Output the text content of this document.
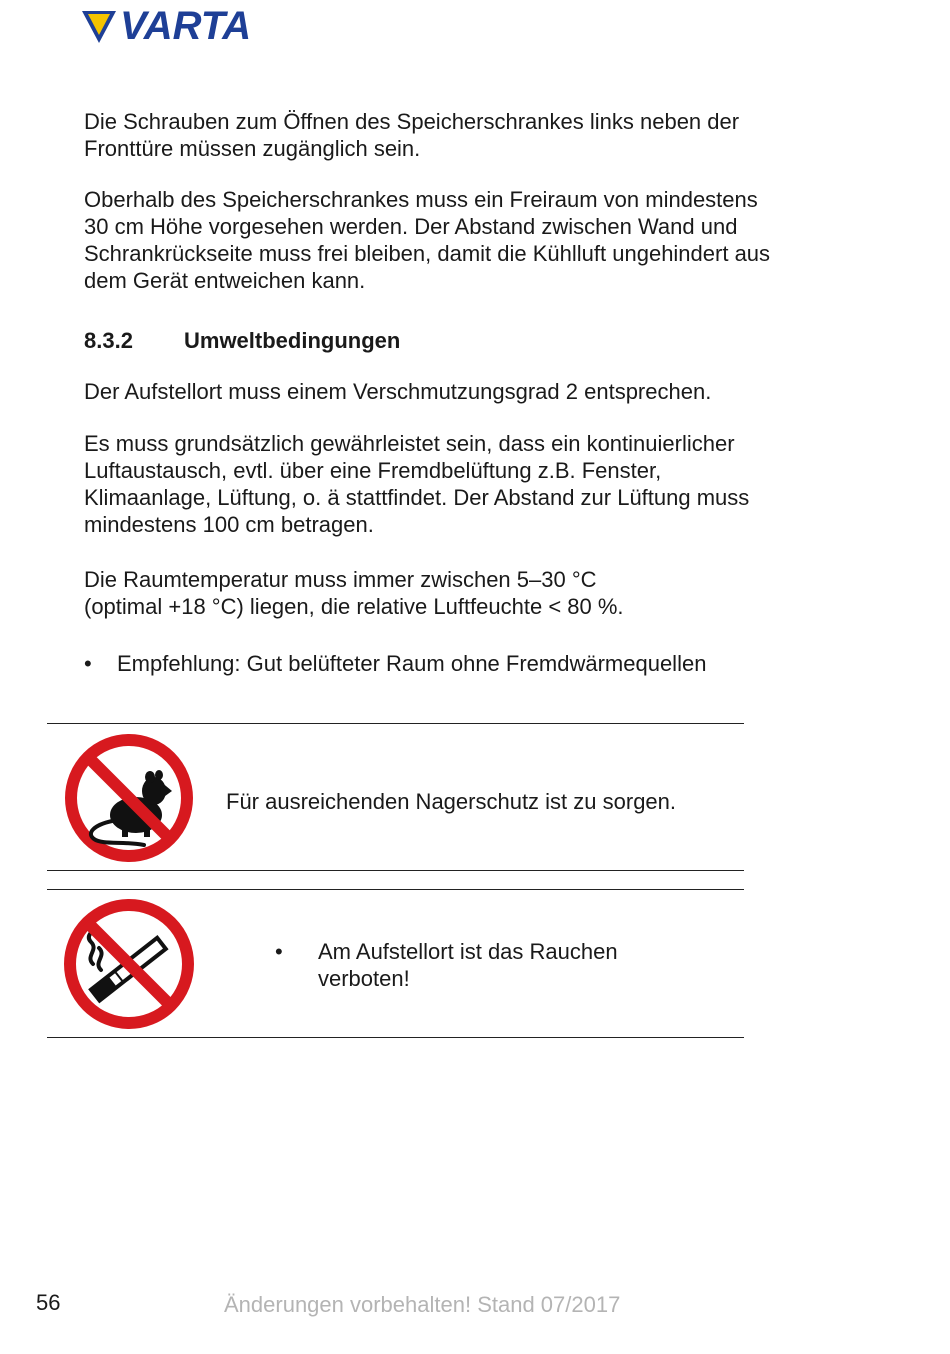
VARTA

Die Schrauben zum Öffnen des Speicherschrankes links neben der Fronttüre müssen zugänglich sein.

Oberhalb des Speicherschrankes muss ein Freiraum von mindestens 30 cm Höhe vorgesehen werden. Der Abstand zwischen Wand und Schrankrückseite muss frei bleiben, damit die Kühlluft ungehindert aus dem Gerät entweichen kann.

8.3.2	Umweltbedingungen

Der Aufstellort muss einem Verschmutzungsgrad 2 entsprechen.

Es muss grundsätzlich gewährleistet sein, dass ein kontinuierlicher Luftaustausch, evtl. über eine Fremdbelüftung z.B. Fenster, Klimaanlage, Lüftung, o. ä stattfindet. Der Abstand zur Lüftung muss mindestens 100 cm betragen.

Die Raumtemperatur muss immer zwischen 5–30 °C
(optimal +18 °C) liegen, die relative Luftfeuchte < 80 %.
•	Empfehlung: Gut belüfteter Raum ohne Fremdwärmequellen
Für ausreichenden Nagerschutz ist zu sorgen.
•	Am Aufstellort ist das Rauchen
verboten!
56	Änderungen vorbehalten! Stand 07/2017
